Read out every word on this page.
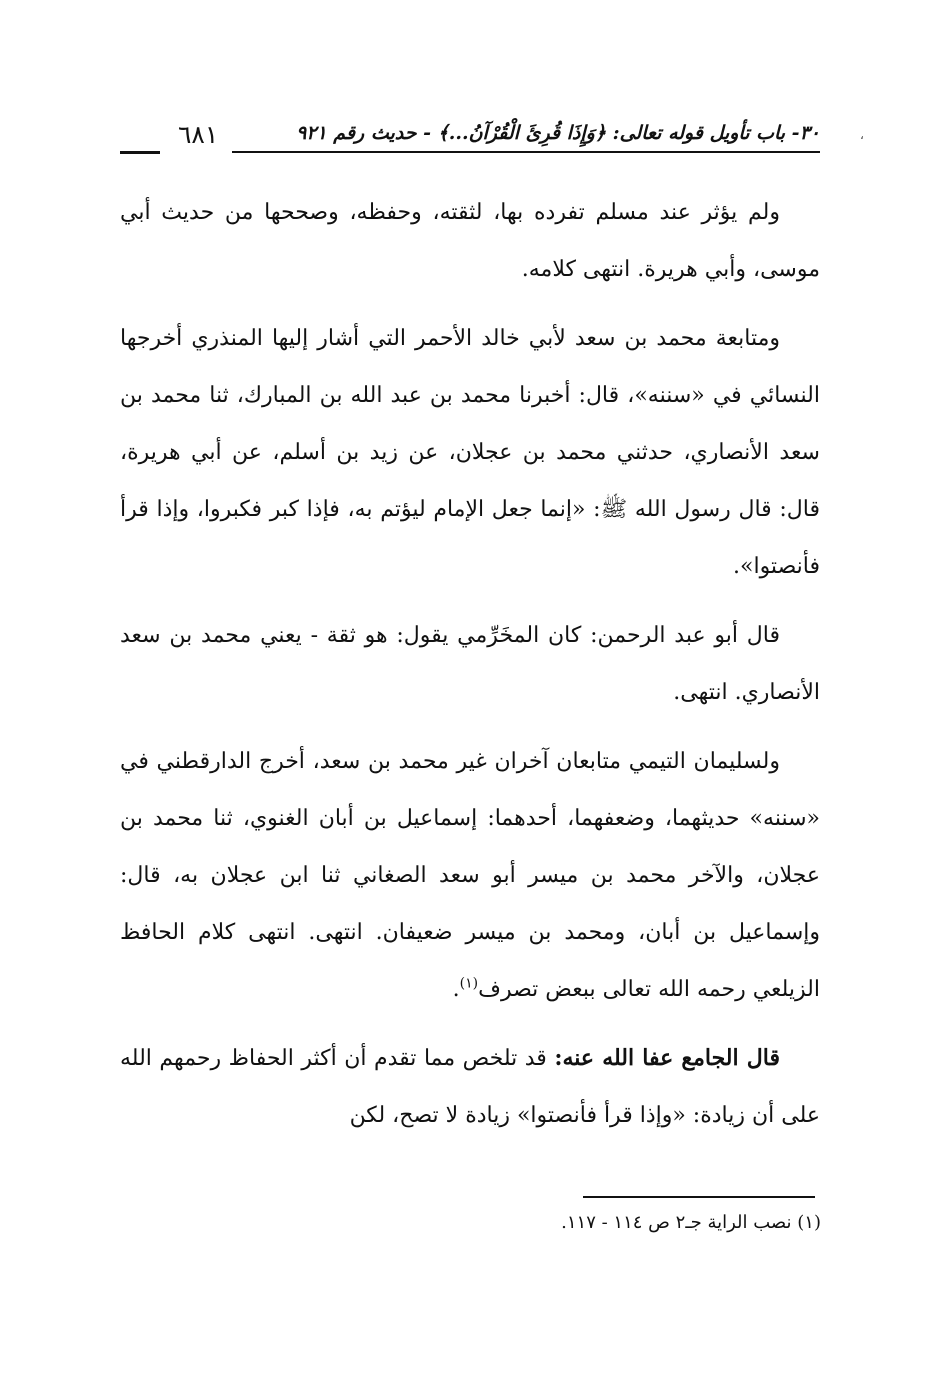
،
٦٨١	٣٠- باب تأويل قوله تعالى: ﴿وَإِذَا قُرِئَ الْقُرْآنُ...﴾ - حديث رقم ٩٢١

ولم يؤثر عند مسلم تفرده بها، لثقته، وحفظه، وصححها من حديث أبي موسى، وأبي هريرة. انتهى كلامه.

ومتابعة محمد بن سعد لأبي خالد الأحمر التي أشار إليها المنذري أخرجها النسائي في «سننه»، قال: أخبرنا محمد بن عبد الله بن المبارك، ثنا محمد بن سعد الأنصاري، حدثني محمد بن عجلان، عن زيد بن أسلم، عن أبي هريرة، قال: قال رسول الله ﷺ: «إنما جعل الإمام ليؤتم به، فإذا كبر فكبروا، وإذا قرأ فأنصتوا».

قال أبو عبد الرحمن: كان المخَرِّمي يقول: هو ثقة - يعني محمد بن سعد الأنصاري. انتهى.

ولسليمان التيمي متابعان آخران غير محمد بن سعد، أخرج الدارقطني في «سننه» حديثهما، وضعفهما، أحدهما: إسماعيل بن أبان الغنوي، ثنا محمد بن عجلان، والآخر محمد بن ميسر أبو سعد الصغاني ثنا ابن عجلان به، قال: وإسماعيل بن أبان، ومحمد بن ميسر ضعيفان. انتهى. انتهى كلام الحافظ الزيلعي رحمه الله تعالى ببعض تصرف$^{(١)}$.

قال الجامع عفا الله عنه: قد تلخص مما تقدم أن أكثر الحفاظ رحمهم الله على أن زيادة: «وإذا قرأ فأنصتوا» زيادة لا تصح، لكن

(١) نصب الراية جـ٢ ص ١١٤ - ١١٧.
